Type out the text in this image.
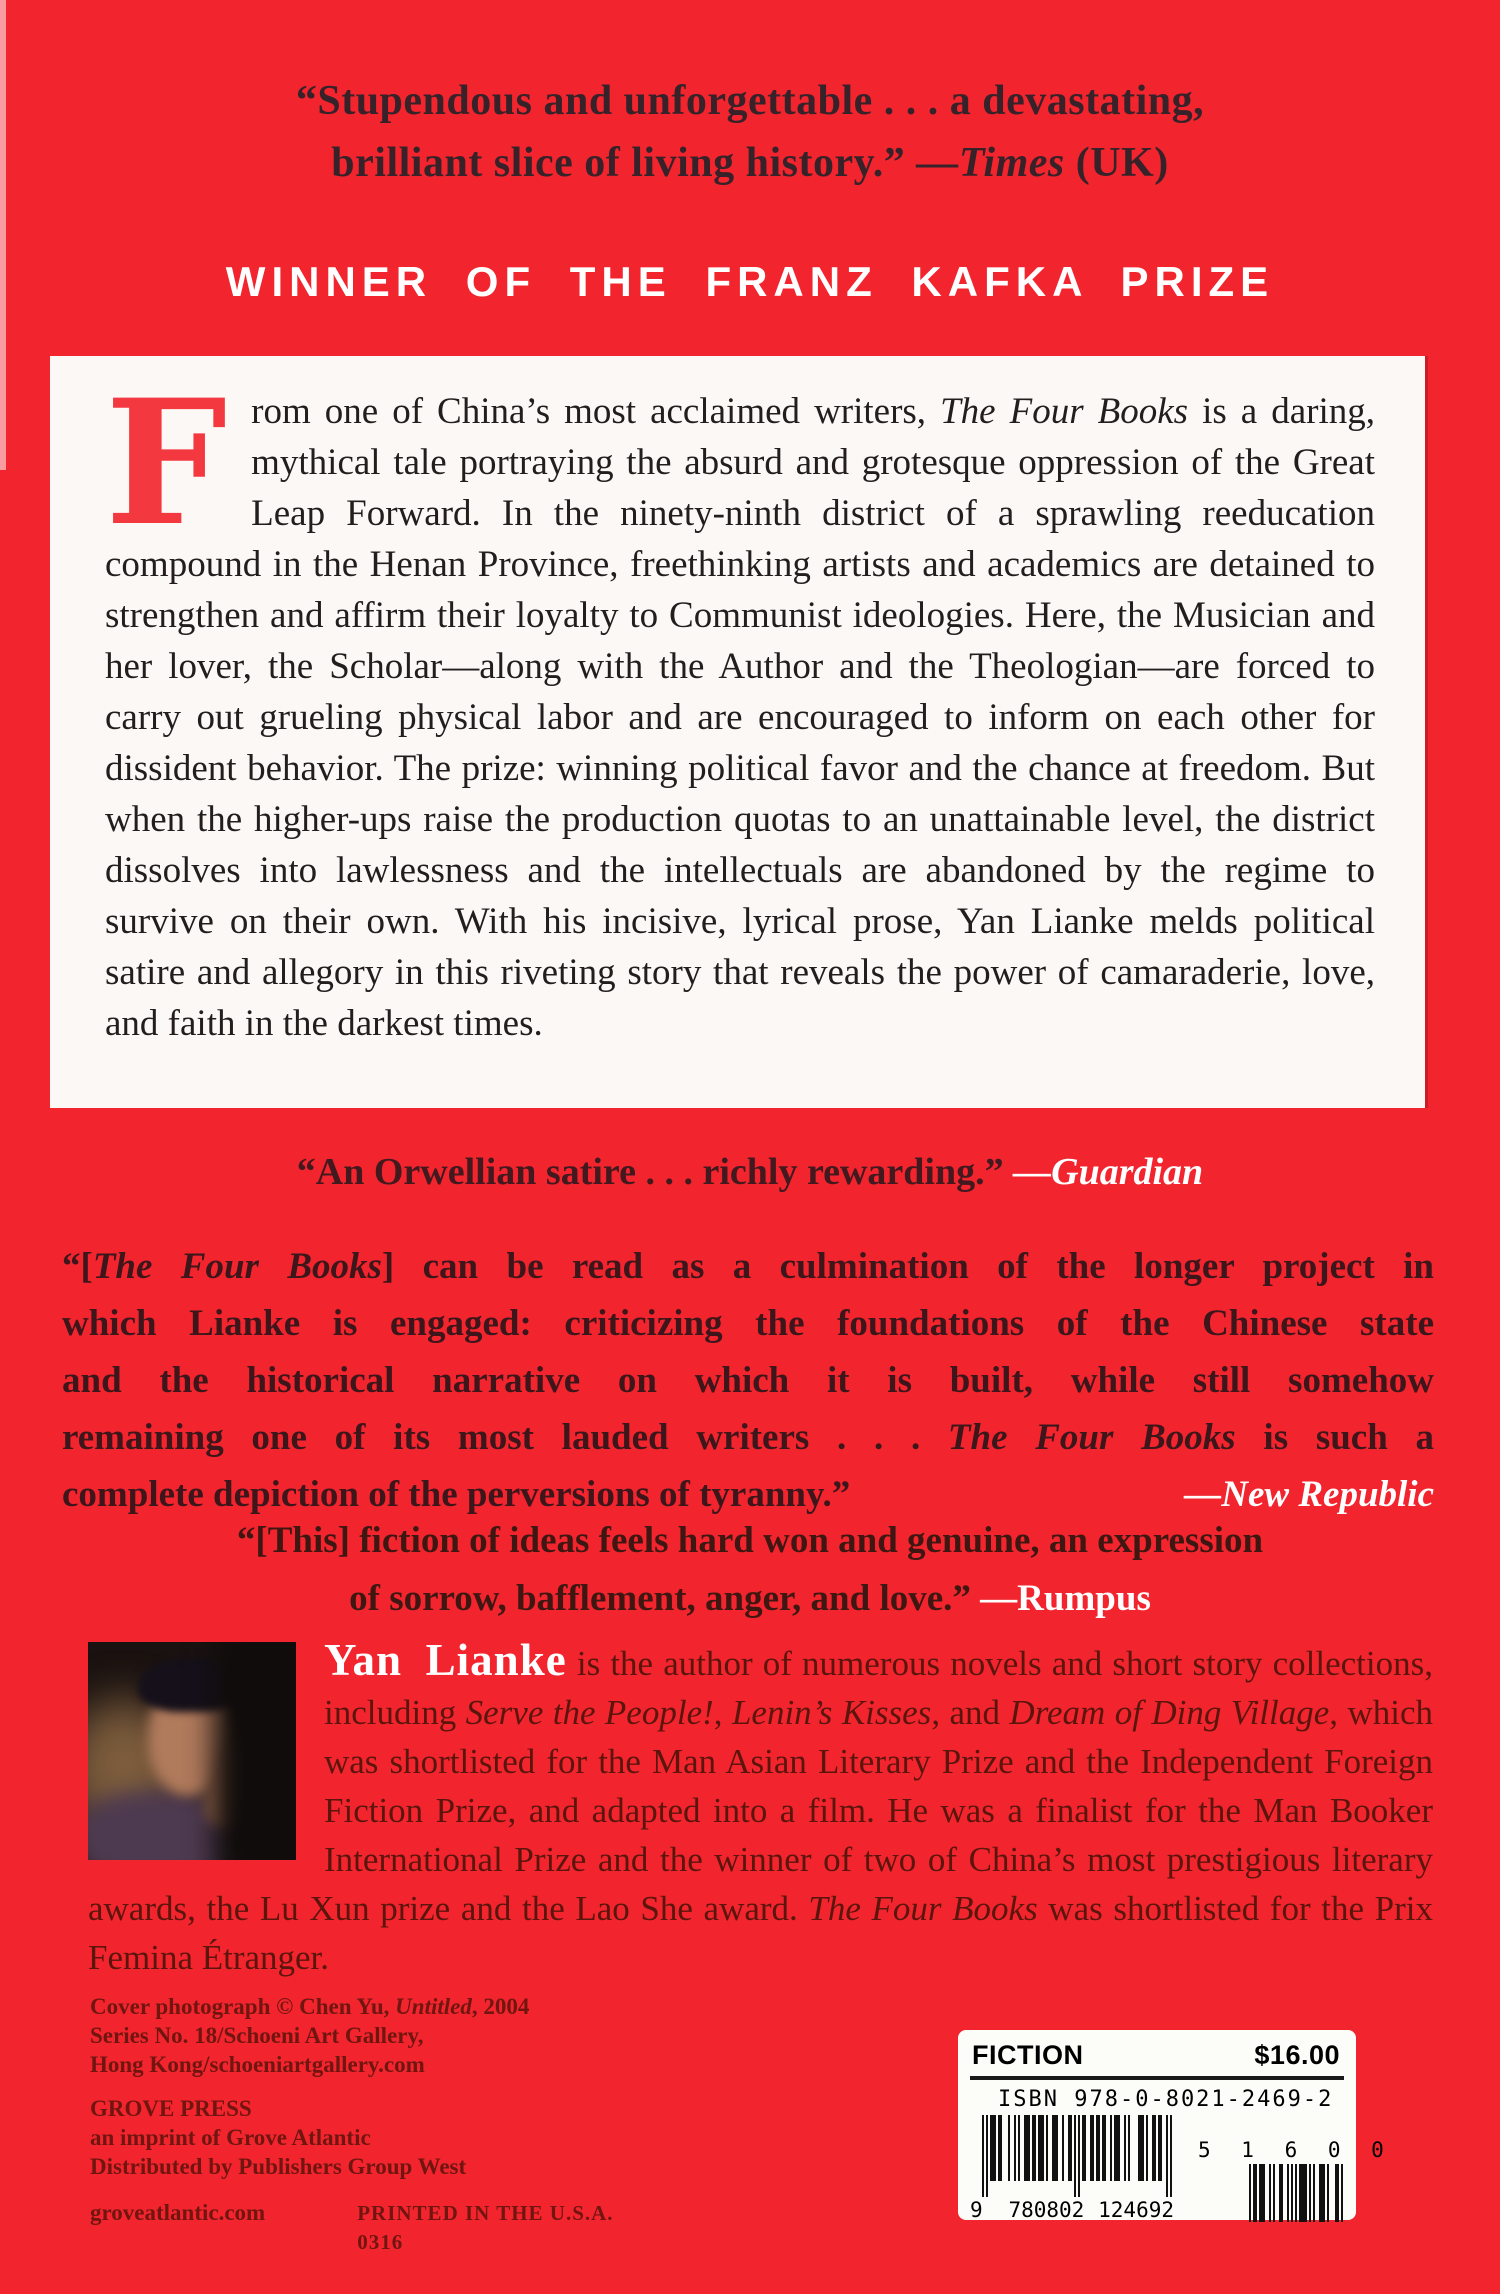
“Stupendous and unforgettable . . . a devastating,
brilliant slice of living history.” —Times (UK)
WINNER OF THE FRANZ KAFKA PRIZE
From one of China’s most acclaimed writers, The Four Books is a daring, mythical tale portraying the absurd and grotesque oppression of the Great Leap Forward. In the ninety-ninth district of a sprawling reeducation compound in the Henan Province, freethinking artists and academics are detained to strengthen and affirm their loyalty to Communist ideologies. Here, the Musician and her lover, the Scholar—along with the Author and the Theologian—are forced to carry out grueling physical labor and are encouraged to inform on each other for dissident behavior. The prize: winning political favor and the chance at freedom. But when the higher-ups raise the production quotas to an unattainable level, the district dissolves into lawlessness and the intellectuals are abandoned by the regime to survive on their own. With his incisive, lyrical prose, Yan Lianke melds political satire and allegory in this riveting story that reveals the power of camaraderie, love, and faith in the darkest times.
“An Orwellian satire . . . richly rewarding.” —Guardian
“[The Four Books] can be read as a culmination of the longer project in
which Lianke is engaged: criticizing the foundations of the Chinese state
and the historical narrative on which it is built, while still somehow
remaining one of its most lauded writers . . . The Four Books is such a
complete depiction of the perversions of tyranny.”	—New Republic
“[This] fiction of ideas feels hard won and genuine, an expression
of sorrow, bafflement, anger, and love.” —Rumpus
Yan Lianke is the author of numerous novels and short story collections, including Serve the People!, Lenin’s Kisses, and Dream of Ding Village, which was shortlisted for the Man Asian Literary Prize and the Independent Foreign Fiction Prize, and adapted into a film. He was a finalist for the Man Booker International Prize and the winner of two of China’s most prestigious literary awards, the Lu Xun prize and the Lao She award. The Four Books was shortlisted for the Prix Femina Étranger.
Cover photograph © Chen Yu, Untitled, 2004
Series No. 18/Schoeni Art Gallery,
Hong Kong/schoeniartgallery.com
GROVE PRESS
an imprint of Grove Atlantic
Distributed by Publishers Group West
groveatlantic.com	PRINTED IN THE U.S.A. 0316
FICTION	$16.00
ISBN 978-0-8021-2469-2
9 780802 124692
5 1 6 0 0
